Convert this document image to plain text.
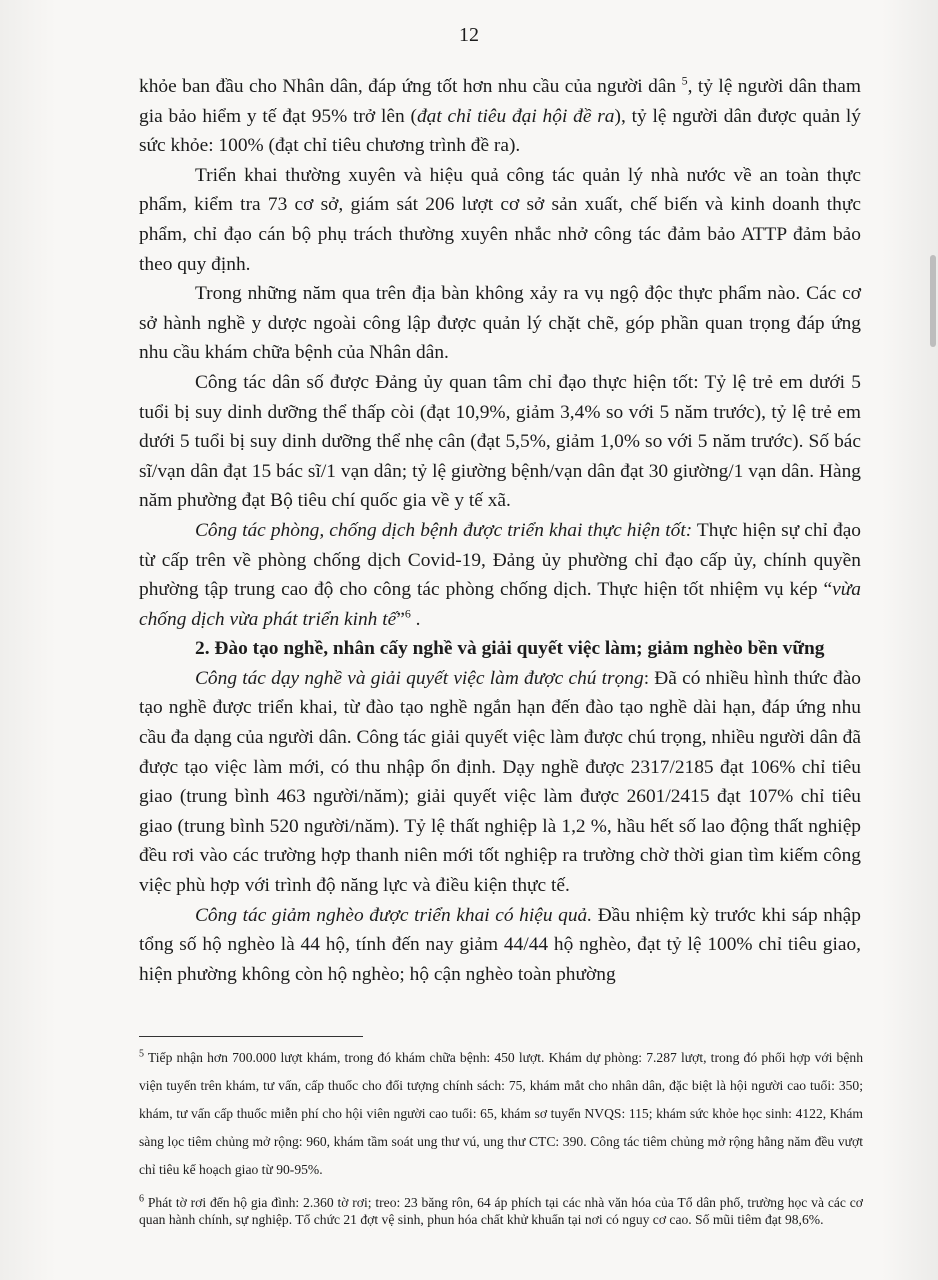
12

khỏe ban đầu cho Nhân dân, đáp ứng tốt hơn nhu cầu của người dân $^5$, tỷ lệ người dân tham gia bảo hiểm y tế đạt 95% trở lên (đạt chỉ tiêu đại hội đề ra), tỷ lệ người dân được quản lý sức khỏe: 100% (đạt chỉ tiêu chương trình đề ra).

Triển khai thường xuyên và hiệu quả công tác quản lý nhà nước về an toàn thực phẩm, kiểm tra 73 cơ sở, giám sát 206 lượt cơ sở sản xuất, chế biến và kinh doanh thực phẩm, chỉ đạo cán bộ phụ trách thường xuyên nhắc nhở công tác đảm bảo ATTP đảm bảo theo quy định.

Trong những năm qua trên địa bàn không xảy ra vụ ngộ độc thực phẩm nào. Các cơ sở hành nghề y dược ngoài công lập được quản lý chặt chẽ, góp phần quan trọng đáp ứng nhu cầu khám chữa bệnh của Nhân dân.

Công tác dân số được Đảng ủy quan tâm chỉ đạo thực hiện tốt: Tỷ lệ trẻ em dưới 5 tuổi bị suy dinh dưỡng thể thấp còi (đạt 10,9%, giảm 3,4% so với 5 năm trước), tỷ lệ trẻ em dưới 5 tuổi bị suy dinh dưỡng thể nhẹ cân (đạt 5,5%, giảm 1,0% so với 5 năm trước). Số bác sĩ/vạn dân đạt 15 bác sĩ/1 vạn dân; tỷ lệ giường bệnh/vạn dân đạt 30 giường/1 vạn dân. Hàng năm phường đạt Bộ tiêu chí quốc gia về y tế xã.

Công tác phòng, chống dịch bệnh được triển khai thực hiện tốt: Thực hiện sự chỉ đạo từ cấp trên về phòng chống dịch Covid-19, Đảng ủy phường chỉ đạo cấp ủy, chính quyền phường tập trung cao độ cho công tác phòng chống dịch. Thực hiện tốt nhiệm vụ kép “vừa chống dịch vừa phát triển kinh tế”$^6$ .

2. Đào tạo nghề, nhân cấy nghề và giải quyết việc làm; giảm nghèo bền vững

Công tác dạy nghề và giải quyết việc làm được chú trọng: Đã có nhiều hình thức đào tạo nghề được triển khai, từ đào tạo nghề ngắn hạn đến đào tạo nghề dài hạn, đáp ứng nhu cầu đa dạng của người dân. Công tác giải quyết việc làm được chú trọng, nhiều người dân đã được tạo việc làm mới, có thu nhập ổn định. Dạy nghề được 2317/2185 đạt 106% chỉ tiêu giao (trung bình 463 người/năm); giải quyết việc làm được 2601/2415 đạt 107% chỉ tiêu giao (trung bình 520 người/năm). Tỷ lệ thất nghiệp là 1,2 %, hầu hết số lao động thất nghiệp đều rơi vào các trường hợp thanh niên mới tốt nghiệp ra trường chờ thời gian tìm kiếm công việc phù hợp với trình độ năng lực và điều kiện thực tế.

Công tác giảm nghèo được triển khai có hiệu quả. Đầu nhiệm kỳ trước khi sáp nhập tổng số hộ nghèo là 44 hộ, tính đến nay giảm 44/44 hộ nghèo, đạt tỷ lệ 100% chỉ tiêu giao, hiện phường không còn hộ nghèo; hộ cận nghèo toàn phường

$^5$ Tiếp nhận hơn 700.000 lượt khám, trong đó khám chữa bệnh: 450 lượt. Khám dự phòng: 7.287 lượt, trong đó phối hợp với bệnh viện tuyến trên khám, tư vấn, cấp thuốc cho đối tượng chính sách: 75, khám mắt cho nhân dân, đặc biệt là hội người cao tuổi: 350; khám, tư vấn cấp thuốc miễn phí cho hội viên người cao tuổi: 65, khám sơ tuyển NVQS: 115; khám sức khỏe học sinh: 4122, Khám sàng lọc tiêm chủng mở rộng: 960, khám tầm soát ung thư vú, ung thư CTC: 390. Công tác tiêm chủng mở rộng hằng năm đều vượt chỉ tiêu kế hoạch giao từ 90-95%.

$^6$ Phát tờ rơi đến hộ gia đình: 2.360 tờ rơi; treo: 23 băng rôn, 64 áp phích tại các nhà văn hóa của Tổ dân phố, trường học và các cơ quan hành chính, sự nghiệp. Tổ chức 21 đợt vệ sinh, phun hóa chất khử khuẩn tại nơi có nguy cơ cao. Số mũi tiêm đạt 98,6%.
